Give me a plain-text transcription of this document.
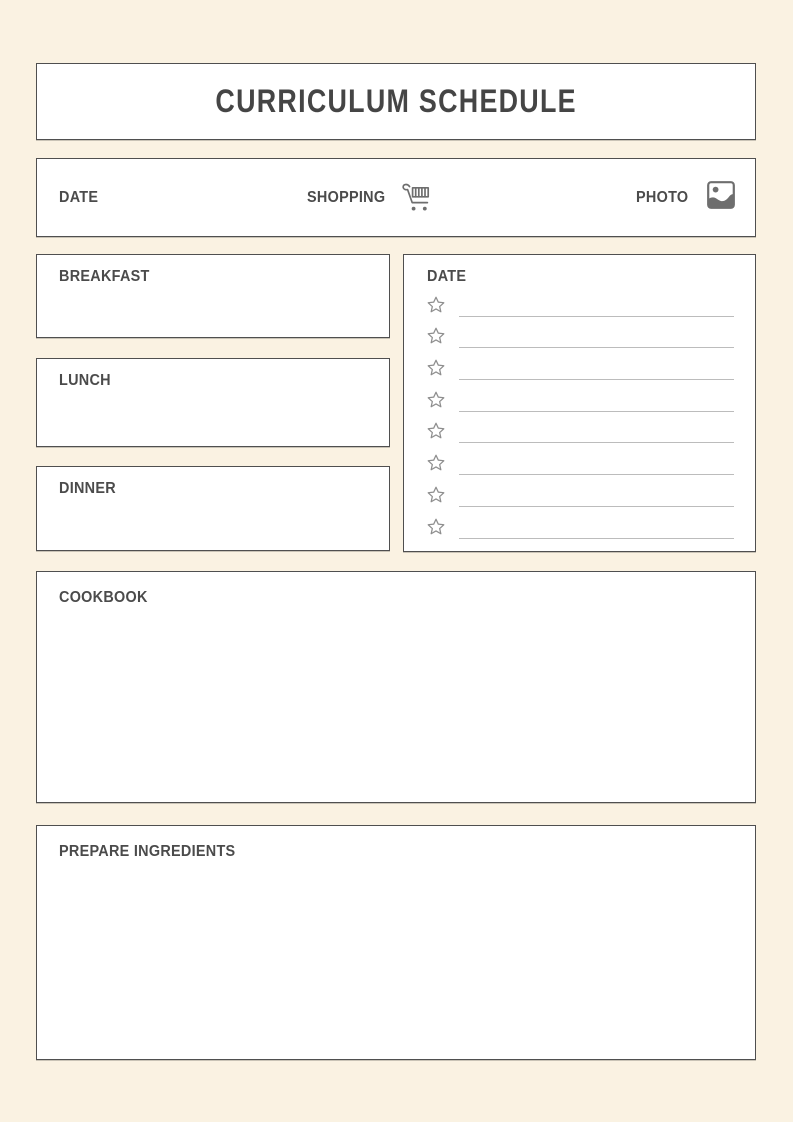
CURRICULUM SCHEDULE
DATE	SHOPPING	PHOTO
BREAKFAST
LUNCH
DINNER
DATE
COOKBOOK
PREPARE INGREDIENTS
